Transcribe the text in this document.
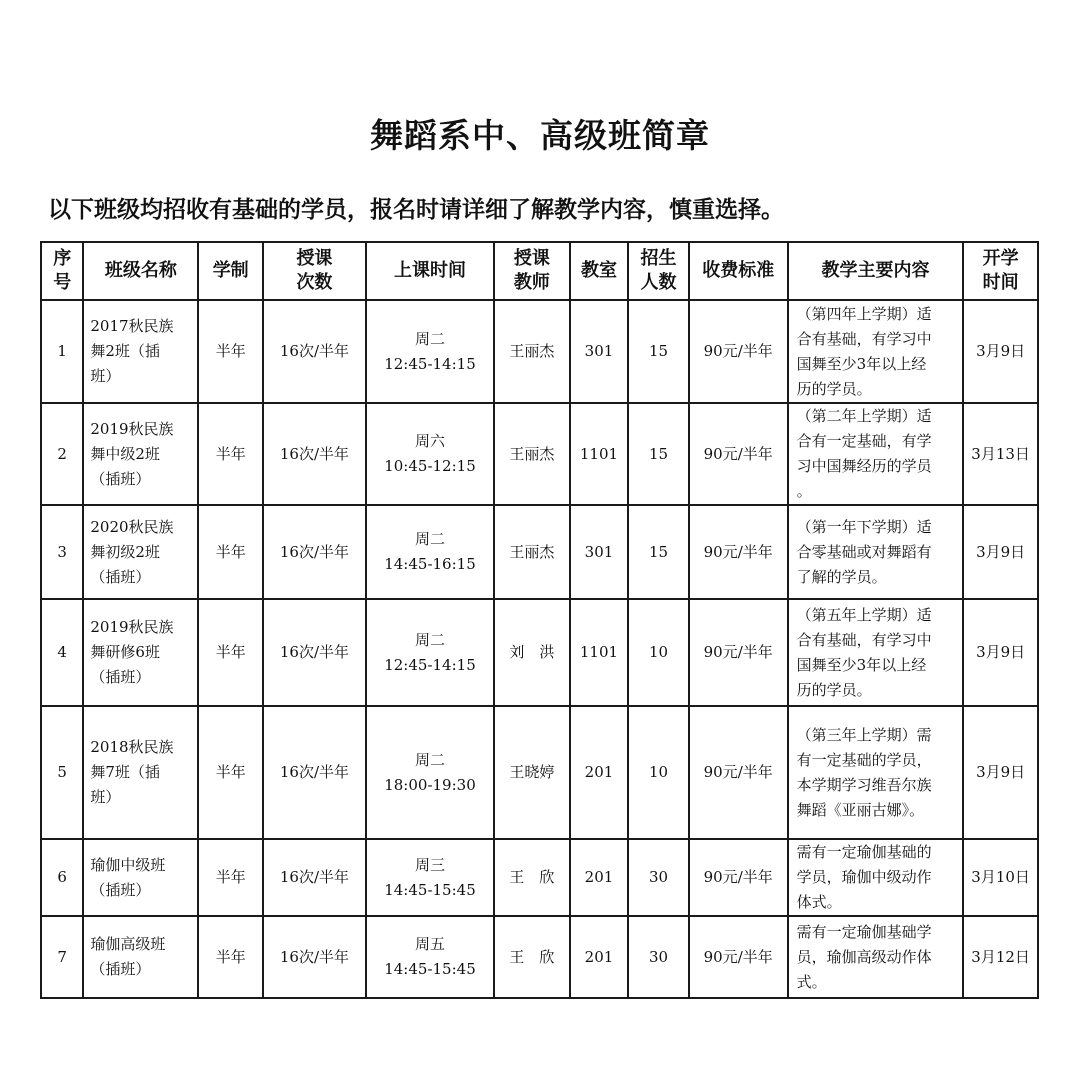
舞蹈系中、高级班简章
以下班级均招收有基础的学员，报名时请详细了解教学内容，慎重选择。
序
号	班级名称	学制	授课
次数	上课时间	授课
教师	教室	招生
人数	收费标准	教学主要内容	开学
时间

1	2017秋民族
舞2班（插
班）	半年	16次/半年	周二
12:45-14:15	王丽杰	301	15	90元/半年	（第四年上学期）适
合有基础，有学习中
国舞至少3年以上经
历的学员。	3月9日
2	2019秋民族
舞中级2班
（插班）	半年	16次/半年	周六
10:45-12:15	王丽杰	1101	15	90元/半年	（第二年上学期）适
合有一定基础，有学
习中国舞经历的学员
。	3月13日
3	2020秋民族
舞初级2班
（插班）	半年	16次/半年	周二
14:45-16:15	王丽杰	301	15	90元/半年	（第一年下学期）适
合零基础或对舞蹈有
了解的学员。	3月9日
4	2019秋民族
舞研修6班
（插班）	半年	16次/半年	周二
12:45-14:15	刘　洪	1101	10	90元/半年	（第五年上学期）适
合有基础，有学习中
国舞至少3年以上经
历的学员。	3月9日
5	2018秋民族
舞7班（插
班）	半年	16次/半年	周二
18:00-19:30	王晓婷	201	10	90元/半年	（第三年上学期）需
有一定基础的学员，
本学期学习维吾尔族
舞蹈《亚丽古娜》。	3月9日
6	瑜伽中级班
（插班）	半年	16次/半年	周三
14:45-15:45	王　欣	201	30	90元/半年	需有一定瑜伽基础的
学员，瑜伽中级动作
体式。	3月10日
7	瑜伽高级班
（插班）	半年	16次/半年	周五
14:45-15:45	王　欣	201	30	90元/半年	需有一定瑜伽基础学
员，瑜伽高级动作体
式。	3月12日
